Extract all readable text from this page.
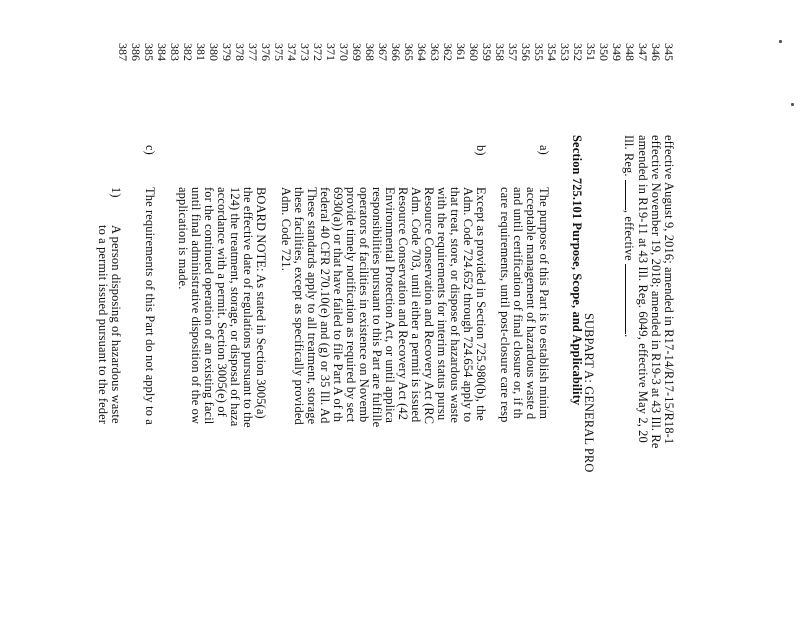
345
346
347
348
349
350
351
352
353
354
355
356
357
358
359
360
361
362
363
364
365
366
367
368
369
370
371
372
373
374
375
376
377
378
379
380
381
382
383
384
385
386
387
effective August 9, 2016; amended in R17-14/R17-15/R18-1
effective November 19, 2018; amended in R19-3 at 43 Ill. Re
amended in R19-11 at 43 Ill. Reg. 6049, effective May 2, 20
Ill. Reg. , effective .
SUBPART A: GENERAL PRO
Section 725.101 Purpose, Scope, and Applicability
a)
The purpose of this Part is to establish minim
acceptable management of hazardous waste d
and until certification of final closure or, if th
care requirements, until post-closure care resp
b)
Except as provided in Section 725.980(b), the
Adm. Code 724.652 through 724.654 apply to
that treat, store, or dispose of hazardous waste
with the requirements for interim status pursu
Resource Conservation and Recovery Act (RC
Adm. Code 703, until either a permit is issued
Resource Conservation and Recovery Act (42
Environmental Protection Act, or until applica
responsibilities pursuant to this Part are fulfille
operators of facilities in existence on Novemb
provide timely notification as required by sect
6930(a)) or that have failed to file Part A of th
federal 40 CFR 270.10(e) and (g) or 35 Ill. Ad
These standards apply to all treatment, storage
these facilities, except as specifically provided
Adm. Code 721.
BOARD NOTE: As stated in Section 3005(a)
the effective date of regulations pursuant to the
124) the treatment, storage, or disposal of haza
accordance with a permit. Section 3005(e) of
for the continued operation of an existing facil
until final administrative disposition of the ow
application is made.
c)
The requirements of this Part do not apply to a
1)
A person disposing of hazardous waste
to a permit issued pursuant to the feder
